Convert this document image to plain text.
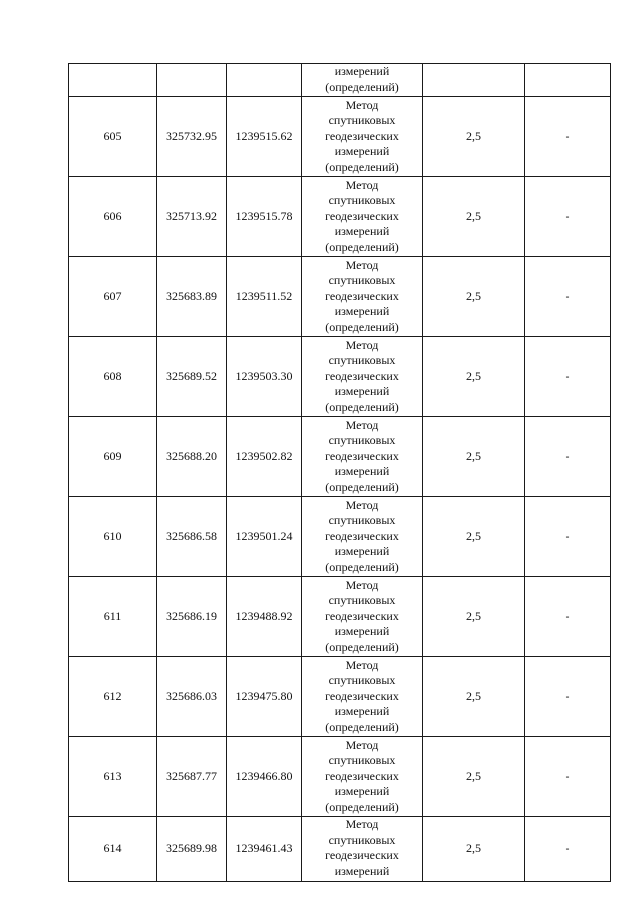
			измерений
(определений)		

605	325732.95	1239515.62	Метод
спутниковых
геодезических
измерений
(определений)	2,5	-
606	325713.92	1239515.78	Метод
спутниковых
геодезических
измерений
(определений)	2,5	-
607	325683.89	1239511.52	Метод
спутниковых
геодезических
измерений
(определений)	2,5	-
608	325689.52	1239503.30	Метод
спутниковых
геодезических
измерений
(определений)	2,5	-
609	325688.20	1239502.82	Метод
спутниковых
геодезических
измерений
(определений)	2,5	-
610	325686.58	1239501.24	Метод
спутниковых
геодезических
измерений
(определений)	2,5	-
611	325686.19	1239488.92	Метод
спутниковых
геодезических
измерений
(определений)	2,5	-
612	325686.03	1239475.80	Метод
спутниковых
геодезических
измерений
(определений)	2,5	-
613	325687.77	1239466.80	Метод
спутниковых
геодезических
измерений
(определений)	2,5	-
614	325689.98	1239461.43	Метод
спутниковых
геодезических
измерений	2,5	-
